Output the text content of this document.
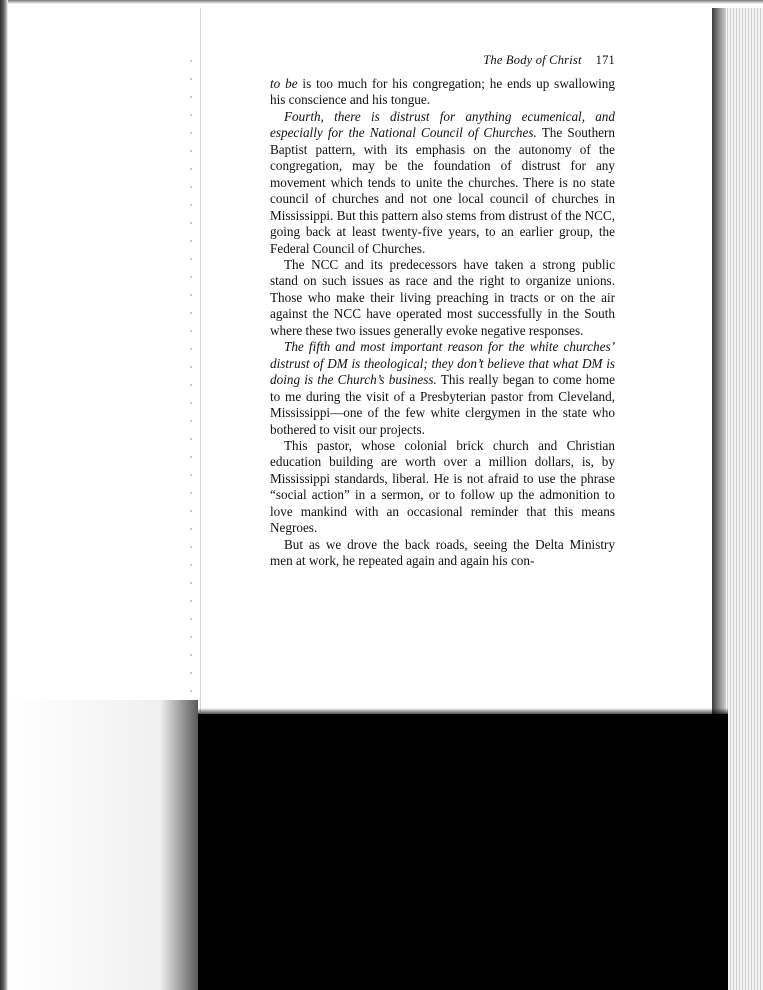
The Body of Christ 171

to be is too much for his congregation; he ends up swallowing his conscience and his tongue.

Fourth, there is distrust for anything ecumenical, and especially for the National Council of Churches. The Southern Baptist pattern, with its emphasis on the autonomy of the congregation, may be the foundation of distrust for any movement which tends to unite the churches. There is no state council of churches and not one local council of churches in Mississippi. But this pattern also stems from distrust of the NCC, going back at least twenty-five years, to an earlier group, the Federal Council of Churches.

The NCC and its predecessors have taken a strong public stand on such issues as race and the right to organize unions. Those who make their living preaching in tracts or on the air against the NCC have operated most successfully in the South where these two issues generally evoke negative responses.

The fifth and most important reason for the white churches’ distrust of DM is theological; they don’t believe that what DM is doing is the Church’s business. This really began to come home to me during the visit of a Presbyterian pastor from Cleveland, Mississippi—one of the few white clergymen in the state who bothered to visit our projects.

This pastor, whose colonial brick church and Christian education building are worth over a million dollars, is, by Mississippi standards, liberal. He is not afraid to use the phrase “social action” in a sermon, or to follow up the admonition to love mankind with an occasional reminder that this means Negroes.

But as we drove the back roads, seeing the Delta Ministry men at work, he repeated again and again his con-
